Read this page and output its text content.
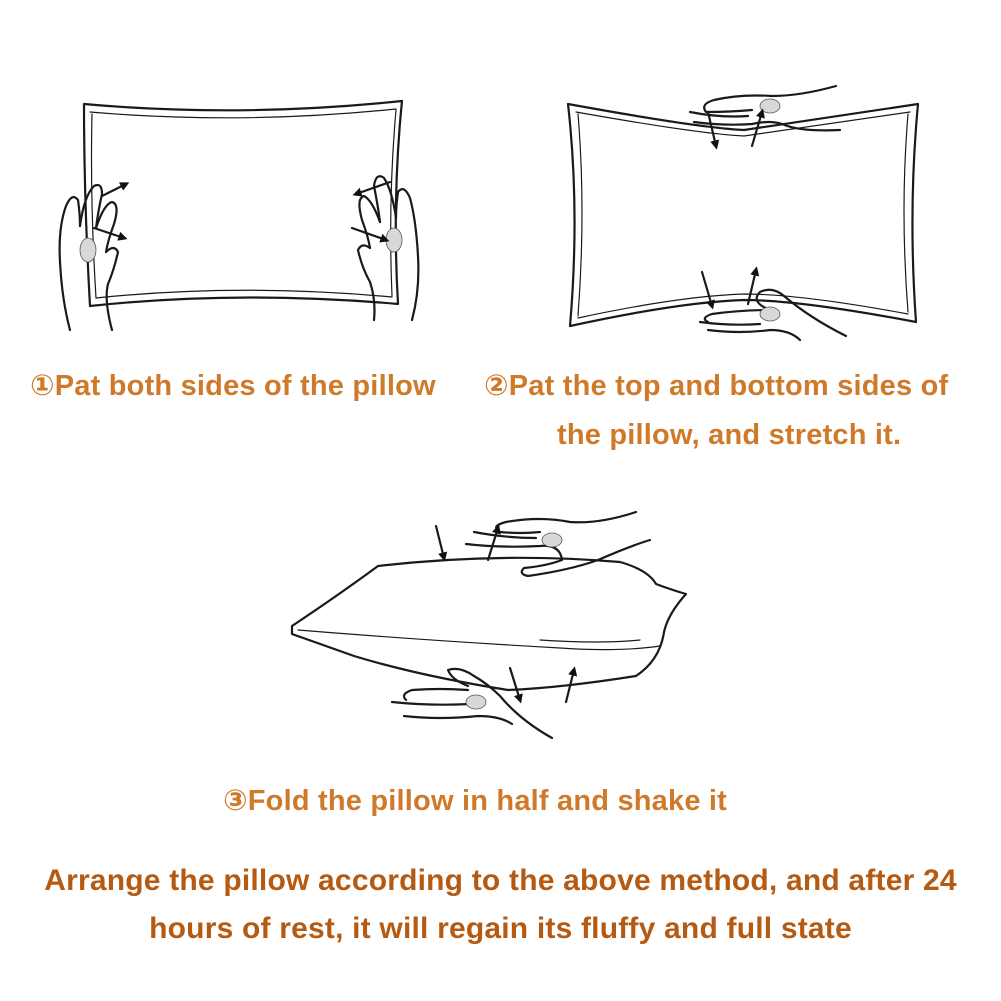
①Pat both sides of the pillow ②Pat the top and bottom sides of
the pillow, and stretch it.
③Fold the pillow in half and shake it
Arrange the pillow according to the above method, and after 24
hours of rest, it will regain its fluffy and full state
